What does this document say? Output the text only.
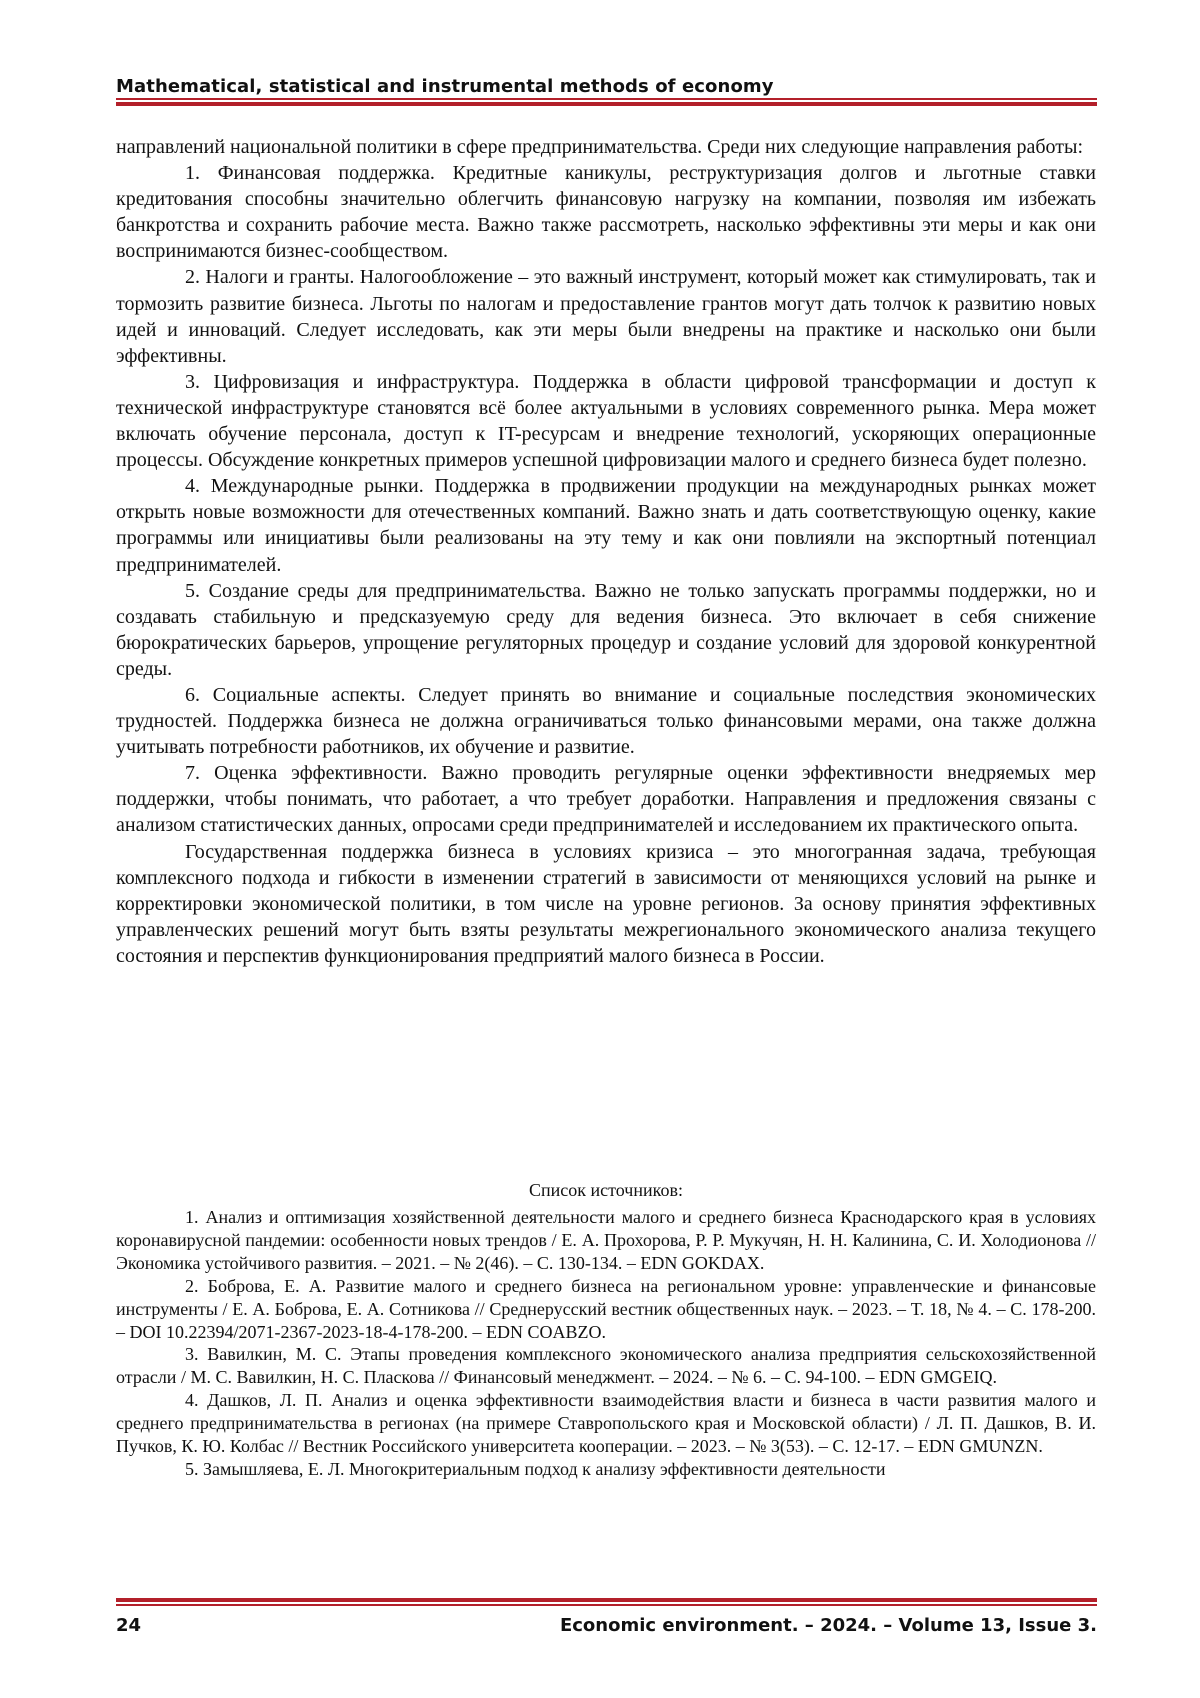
Mathematical, statistical and instrumental methods of economy

направлений национальной политики в сфере предпринимательства. Среди них следующие направления работы:

1. Финансовая поддержка. Кредитные каникулы, реструктуризация долгов и льготные ставки кредитования способны значительно облегчить финансовую нагрузку на компании, позволяя им избежать банкротства и сохранить рабочие места. Важно также рассмотреть, насколько эффективны эти меры и как они воспринимаются бизнес-сообществом.

2. Налоги и гранты. Налогообложение – это важный инструмент, который может как стимулировать, так и тормозить развитие бизнеса. Льготы по налогам и предоставление грантов могут дать толчок к развитию новых идей и инноваций. Следует исследовать, как эти меры были внедрены на практике и насколько они были эффективны.

3. Цифровизация и инфраструктура. Поддержка в области цифровой трансформации и доступ к технической инфраструктуре становятся всё более актуальными в условиях современного рынка. Мера может включать обучение персонала, доступ к IT-ресурсам и внедрение технологий, ускоряющих операционные процессы. Обсуждение конкретных примеров успешной цифровизации малого и среднего бизнеса будет полезно.

4. Международные рынки. Поддержка в продвижении продукции на международных рынках может открыть новые возможности для отечественных компаний. Важно знать и дать соответствующую оценку, какие программы или инициативы были реализованы на эту тему и как они повлияли на экспортный потенциал предпринимателей.

5. Создание среды для предпринимательства. Важно не только запускать программы поддержки, но и создавать стабильную и предсказуемую среду для ведения бизнеса. Это включает в себя снижение бюрократических барьеров, упрощение регуляторных процедур и создание условий для здоровой конкурентной среды.

6. Социальные аспекты. Следует принять во внимание и социальные последствия экономических трудностей. Поддержка бизнеса не должна ограничиваться только финансовыми мерами, она также должна учитывать потребности работников, их обучение и развитие.

7. Оценка эффективности. Важно проводить регулярные оценки эффективности внедряемых мер поддержки, чтобы понимать, что работает, а что требует доработки. Направления и предложения связаны с анализом статистических данных, опросами среди предпринимателей и исследованием их практического опыта.

Государственная поддержка бизнеса в условиях кризиса – это многогранная задача, требующая комплексного подхода и гибкости в изменении стратегий в зависимости от меняющихся условий на рынке и корректировки экономической политики, в том числе на уровне регионов. За основу принятия эффективных управленческих решений могут быть взяты результаты межрегионального экономического анализа текущего состояния и перспектив функционирования предприятий малого бизнеса в России.

Список источников:

1. Анализ и оптимизация хозяйственной деятельности малого и среднего бизнеса Краснодарского края в условиях коронавирусной пандемии: особенности новых трендов / Е. А. Прохорова, Р. Р. Мукучян, Н. Н. Калинина, С. И. Холодионова // Экономика устойчивого развития. – 2021. – № 2(46). – С. 130-134. – EDN GOKDAX.

2. Боброва, Е. А. Развитие малого и среднего бизнеса на региональном уровне: управленческие и финансовые инструменты / Е. А. Боброва, Е. А. Сотникова // Среднерусский вестник общественных наук. – 2023. – Т. 18, № 4. – С. 178-200. – DOI 10.22394/2071-2367-2023-18-4-178-200. – EDN COABZO.

3. Вавилкин, М. С. Этапы проведения комплексного экономического анализа предприятия сельскохозяйственной отрасли / М. С. Вавилкин, Н. С. Пласкова // Финансовый менеджмент. – 2024. – № 6. – С. 94-100. – EDN GMGEIQ.

4. Дашков, Л. П. Анализ и оценка эффективности взаимодействия власти и бизнеса в части развития малого и среднего предпринимательства в регионах (на примере Ставропольского края и Московской области) / Л. П. Дашков, В. И. Пучков, К. Ю. Колбас // Вестник Российского университета кооперации. – 2023. – № 3(53). – С. 12-17. – EDN GMUNZN.

5. Замышляева, Е. Л. Многокритериальным подход к анализу эффективности деятельности

24	Economic environment. – 2024. – Volume 13, Issue 3.
